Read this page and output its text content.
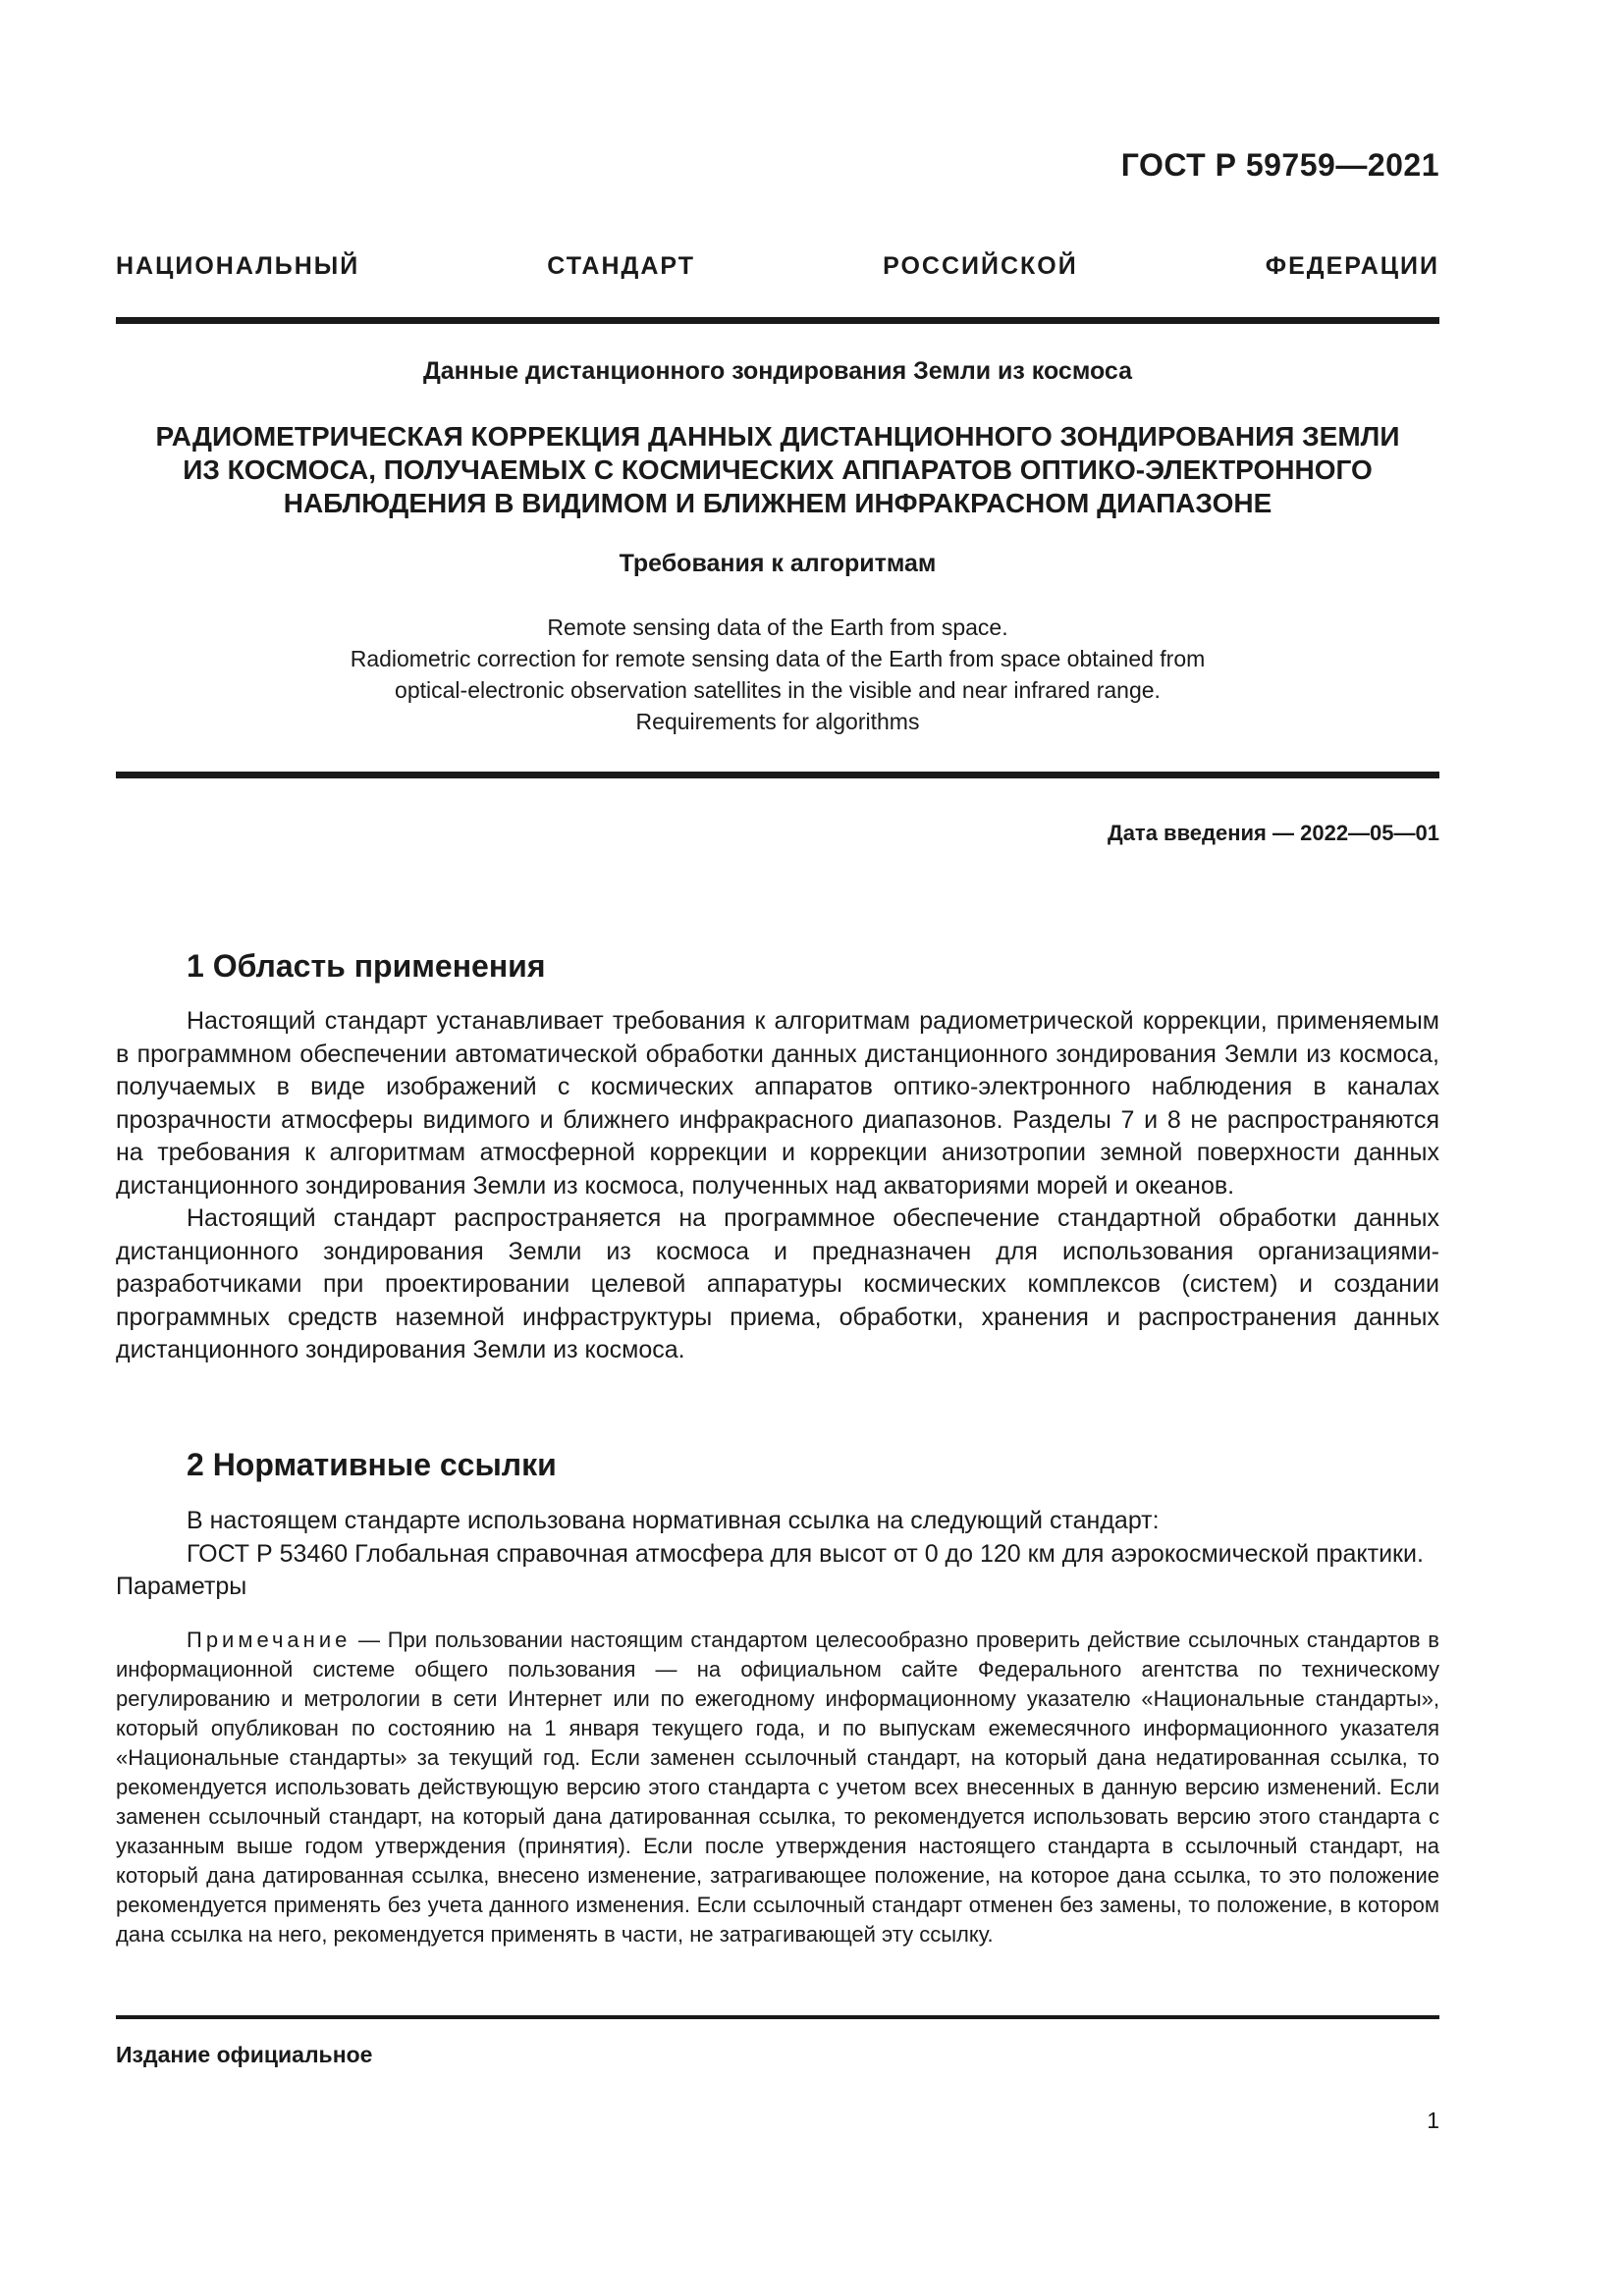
ГОСТ Р 59759—2021
НАЦИОНАЛЬНЫЙ СТАНДАРТ РОССИЙСКОЙ ФЕДЕРАЦИИ
Данные дистанционного зондирования Земли из космоса
РАДИОМЕТРИЧЕСКАЯ КОРРЕКЦИЯ ДАННЫХ ДИСТАНЦИОННОГО ЗОНДИРОВАНИЯ ЗЕМЛИ
ИЗ КОСМОСА, ПОЛУЧАЕМЫХ С КОСМИЧЕСКИХ АППАРАТОВ ОПТИКО-ЭЛЕКТРОННОГО
НАБЛЮДЕНИЯ В ВИДИМОМ И БЛИЖНЕМ ИНФРАКРАСНОМ ДИАПАЗОНЕ
Требования к алгоритмам
Remote sensing data of the Earth from space.
Radiometric correction for remote sensing data of the Earth from space obtained from
optical-electronic observation satellites in the visible and near infrared range.
Requirements for algorithms
Дата введения — 2022—05—01
1 Область применения

Настоящий стандарт устанавливает требования к алгоритмам радиометрической коррекции, применяемым в программном обеспечении автоматической обработки данных дистанционного зондирования Земли из космоса, получаемых в виде изображений с космических аппаратов оптико-электронного наблюдения в каналах прозрачности атмосферы видимого и ближнего инфракрасного диапазонов. Разделы 7 и 8 не распространяются на требования к алгоритмам атмосферной коррекции и коррекции анизотропии земной поверхности данных дистанционного зондирования Земли из космоса, полученных над акваториями морей и океанов.

Настоящий стандарт распространяется на программное обеспечение стандартной обработки данных дистанционного зондирования Земли из космоса и предназначен для использования организациями-разработчиками при проектировании целевой аппаратуры космических комплексов (систем) и создании программных средств наземной инфраструктуры приема, обработки, хранения и распространения данных дистанционного зондирования Земли из космоса.

2 Нормативные ссылки

В настоящем стандарте использована нормативная ссылка на следующий стандарт:

ГОСТ Р 53460 Глобальная справочная атмосфера для высот от 0 до 120 км для аэрокосмической практики. Параметры

Примечание — При пользовании настоящим стандартом целесообразно проверить действие ссылочных стандартов в информационной системе общего пользования — на официальном сайте Федерального агентства по техническому регулированию и метрологии в сети Интернет или по ежегодному информационному указателю «Национальные стандарты», который опубликован по состоянию на 1 января текущего года, и по выпускам ежемесячного информационного указателя «Национальные стандарты» за текущий год. Если заменен ссылочный стандарт, на который дана недатированная ссылка, то рекомендуется использовать действующую версию этого стандарта с учетом всех внесенных в данную версию изменений. Если заменен ссылочный стандарт, на который дана датированная ссылка, то рекомендуется использовать версию этого стандарта с указанным выше годом утверждения (принятия). Если после утверждения настоящего стандарта в ссылочный стандарт, на который дана датированная ссылка, внесено изменение, затрагивающее положение, на которое дана ссылка, то это положение рекомендуется применять без учета данного изменения. Если ссылочный стандарт отменен без замены, то положение, в котором дана ссылка на него, рекомендуется применять в части, не затрагивающей эту ссылку.
Издание официальное
1
